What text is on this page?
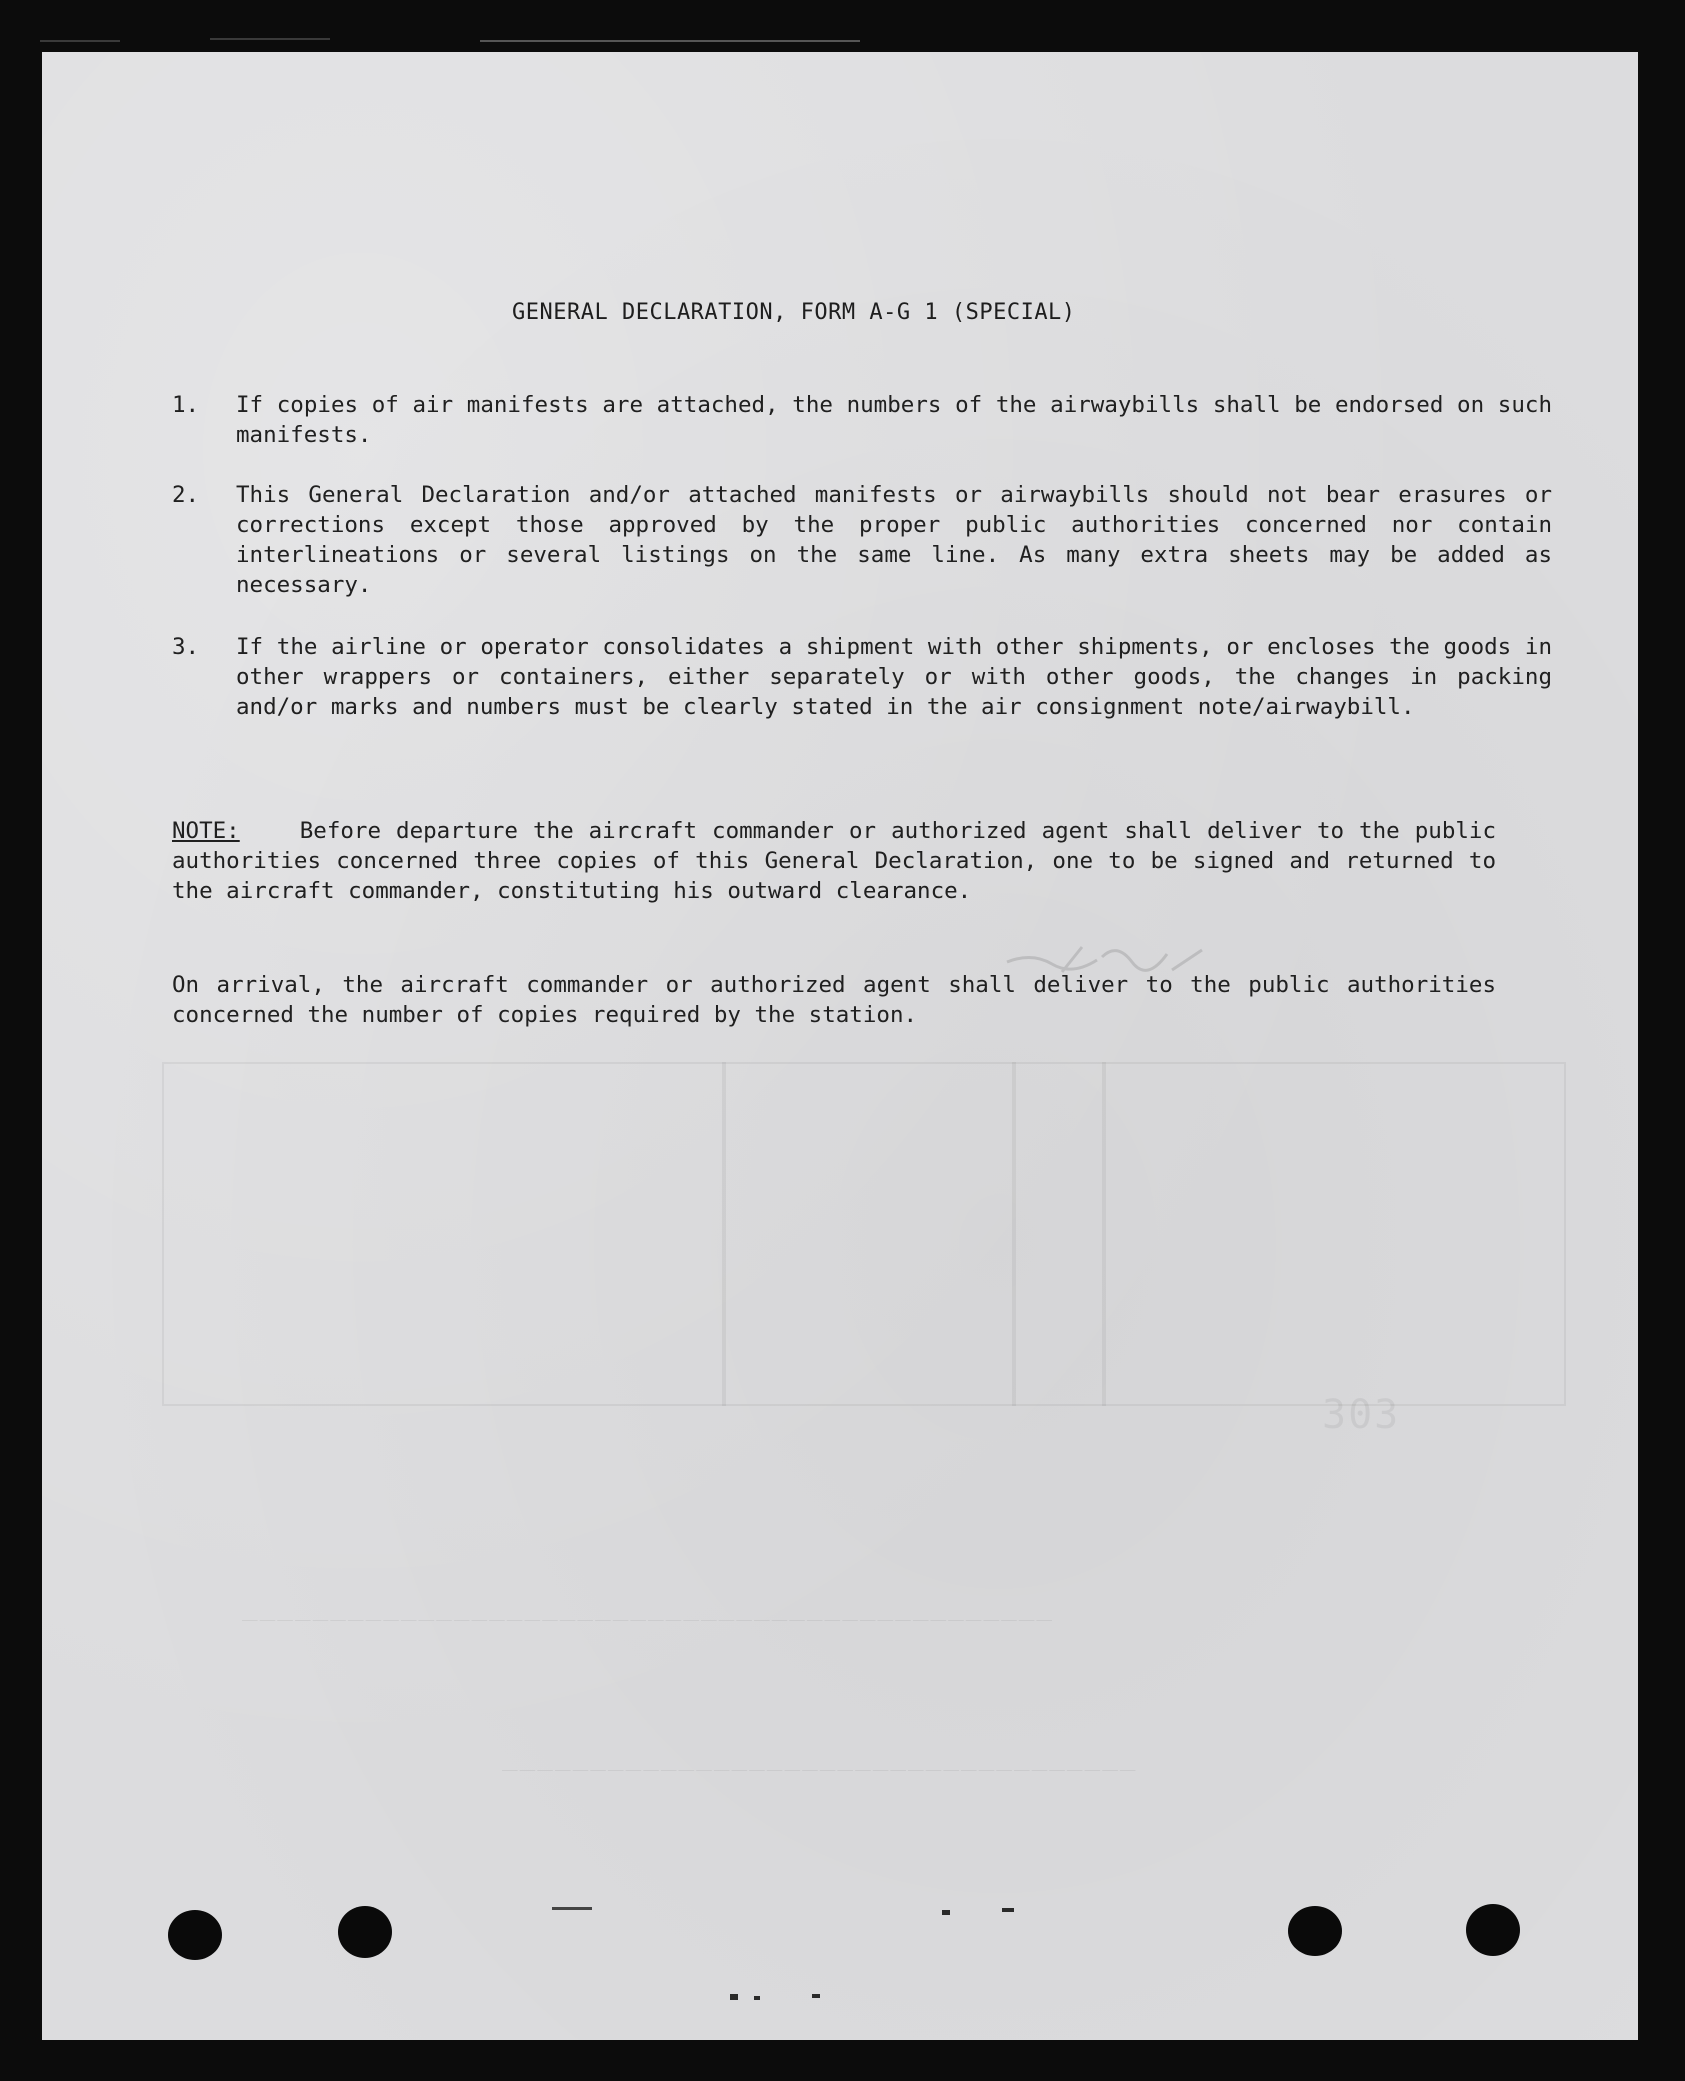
303
______________________________________________
____________________________________
GENERAL DECLARATION, FORM A-G 1 (SPECIAL)
1. If copies of air manifests are attached, the numbers of the airwaybills shall be endorsed on such manifests.
2. This General Declaration and/or attached manifests or airwaybills should not bear erasures or corrections except those approved by the proper public authorities concerned nor contain interlineations or several listings on the same line. As many extra sheets may be added as necessary.
3. If the airline or operator consolidates a shipment with other shipments, or encloses the goods in other wrappers or containers, either separately or with other goods, the changes in packing and/or marks and numbers must be clearly stated in the air consignment note/airwaybill.
NOTE:	Before departure the aircraft commander or authorized agent shall deliver to the public authorities concerned three copies of this General Declaration, one to be signed and returned to the aircraft commander, constituting his outward clearance.
On arrival, the aircraft commander or authorized agent shall deliver to the public authorities concerned the number of copies required by the station.
